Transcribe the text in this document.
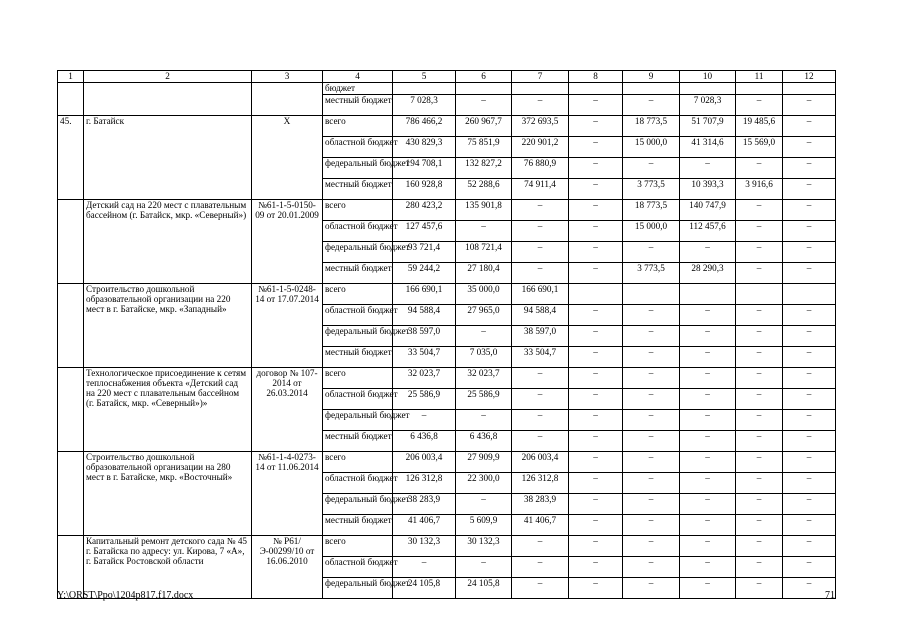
1	2	3	4	5	6	7	8	9	10	11	12
			бюджет								
			местный бюджет	7 028,3	–	–	–	–	7 028,3	–	–
45.	г. Батайск	Х	всего	786 466,2	260 967,7	372 693,5	–	18 773,5	51 707,9	19 485,6	–
			областной бюджет	430 829,3	75 851,9	220 901,2	–	15 000,0	41 314,6	15 569,0	–
			федеральный бюджет	194 708,1	132 827,2	76 880,9	–	–	–	–	–
			местный бюджет	160 928,8	52 288,6	74 911,4	–	3 773,5	10 393,3	3 916,6	–
	Детский сад на 220 мест с плавательным бассейном (г. Батайск, мкр. «Северный»)	№61-1-5-0150-09 от 20.01.2009	всего	280 423,2	135 901,8	–	–	18 773,5	140 747,9	–	–
			областной бюджет	127 457,6	–	–	–	15 000,0	112 457,6	–	–
			федеральный бюджет	93 721,4	108 721,4	–	–	–	–	–	–
			местный бюджет	59 244,2	27 180,4	–	–	3 773,5	28 290,3	–	–
	Строительство дошкольной образовательной организации на 220 мест в г. Батайске, мкр. «Западный»	№61-1-5-0248-14 от 17.07.2014	всего	166 690,1	35 000,0	166 690,1					
			областной бюджет	94 588,4	27 965,0	94 588,4	–	–	–	–	–
			федеральный бюджет	38 597,0	–	38 597,0	–	–	–	–	–
			местный бюджет	33 504,7	7 035,0	33 504,7	–	–	–	–	–
	Технологическое присоединение к сетям теплоснабжения объекта «Детский сад на 220 мест с плавательным бассейном (г. Батайск, мкр. «Северный»)»	договор № 107-2014 от 26.03.2014	всего	32 023,7	32 023,7	–	–	–	–	–	–
			областной бюджет	25 586,9	25 586,9	–	–	–	–	–	–
			федеральный бюджет	–	–	–	–	–	–	–	–
			местный бюджет	6 436,8	6 436,8	–	–	–	–	–	–
	Строительство дошкольной образовательной организации на 280 мест в г. Батайске, мкр. «Восточный»	№61-1-4-0273-14 от 11.06.2014	всего	206 003,4	27 909,9	206 003,4	–	–	–	–	–
			областной бюджет	126 312,8	22 300,0	126 312,8	–	–	–	–	–
			федеральный бюджет	38 283,9	–	38 283,9	–	–	–	–	–
			местный бюджет	41 406,7	5 609,9	41 406,7	–	–	–	–	–
	Капитальный ремонт детского сада № 45 г. Батайска по адресу: ул. Кирова, 7 «А», г. Батайск Ростовской области	№ Р61/Э-00299/10 от 16.06.2010	всего	30 132,3	30 132,3	–	–	–	–	–	–
			областной бюджет	–	–	–	–	–	–	–	–
			федеральный бюджет	24 105,8	24 105,8	–	–	–	–	–	–
Y:\ORST\Ppo\1204p817.f17.docx	71
